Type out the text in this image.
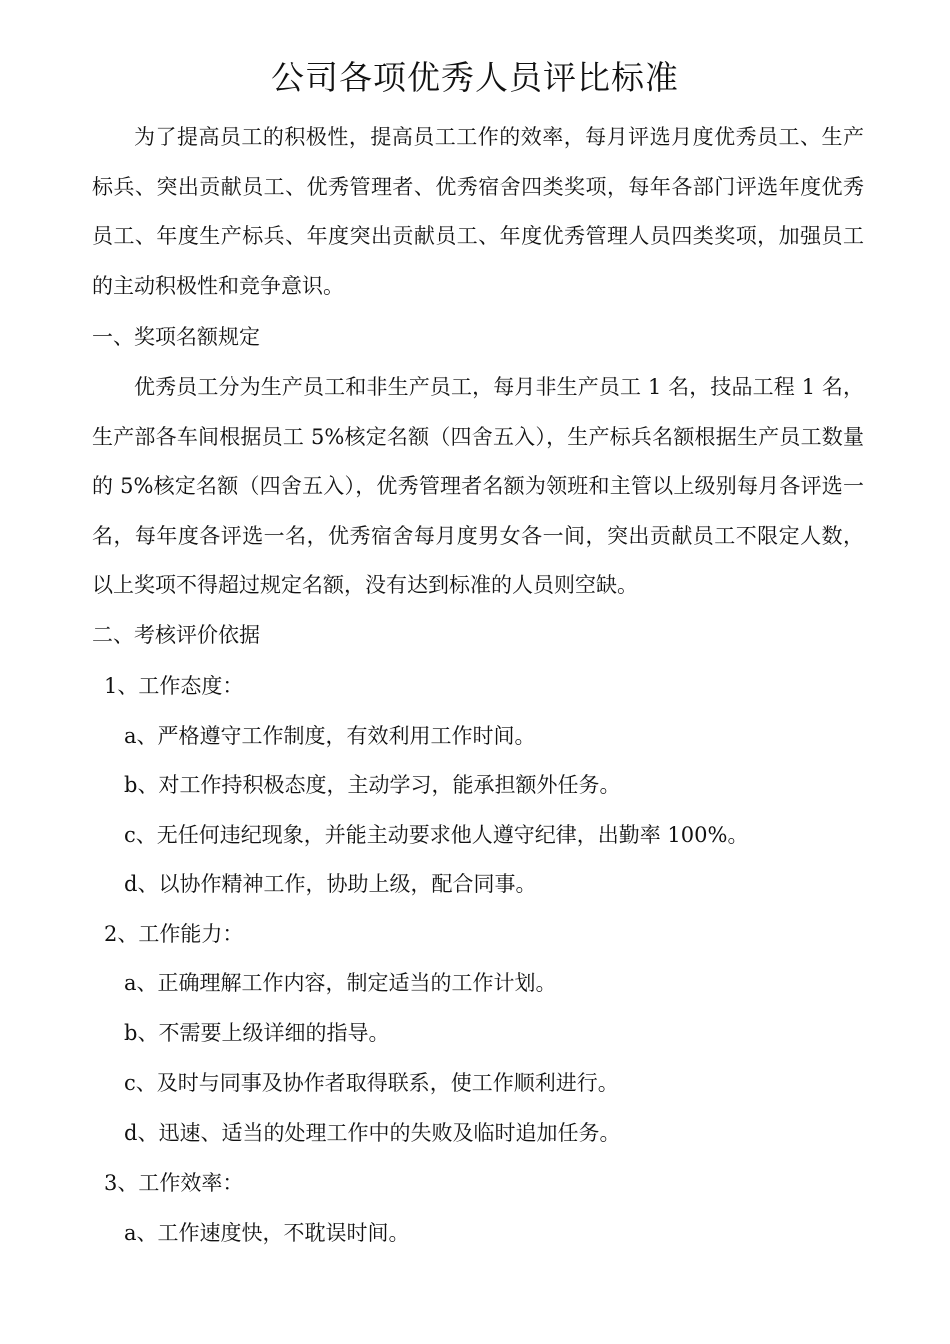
公司各项优秀人员评比标准

为了提高员工的积极性，提高员工工作的效率，每月评选月度优秀员工、生产标兵、突出贡献员工、优秀管理者、优秀宿舍四类奖项，每年各部门评选年度优秀员工、年度生产标兵、年度突出贡献员工、年度优秀管理人员四类奖项，加强员工的主动积极性和竞争意识。

一、奖项名额规定

优秀员工分为生产员工和非生产员工，每月非生产员工 1 名，技品工程 1 名，生产部各车间根据员工 5%核定名额（四舍五入），生产标兵名额根据生产员工数量的 5%核定名额（四舍五入），优秀管理者名额为领班和主管以上级别每月各评选一名，每年度各评选一名，优秀宿舍每月度男女各一间，突出贡献员工不限定人数，以上奖项不得超过规定名额，没有达到标准的人员则空缺。

二、考核评价依据
1、工作态度：
a、严格遵守工作制度，有效利用工作时间。
b、对工作持积极态度，主动学习，能承担额外任务。
c、无任何违纪现象，并能主动要求他人遵守纪律，出勤率 100%。
d、以协作精神工作，协助上级，配合同事。
2、工作能力：
a、正确理解工作内容，制定适当的工作计划。
b、不需要上级详细的指导。
c、及时与同事及协作者取得联系，使工作顺利进行。
d、迅速、适当的处理工作中的失败及临时追加任务。
3、工作效率：
a、工作速度快，不耽误时间。
